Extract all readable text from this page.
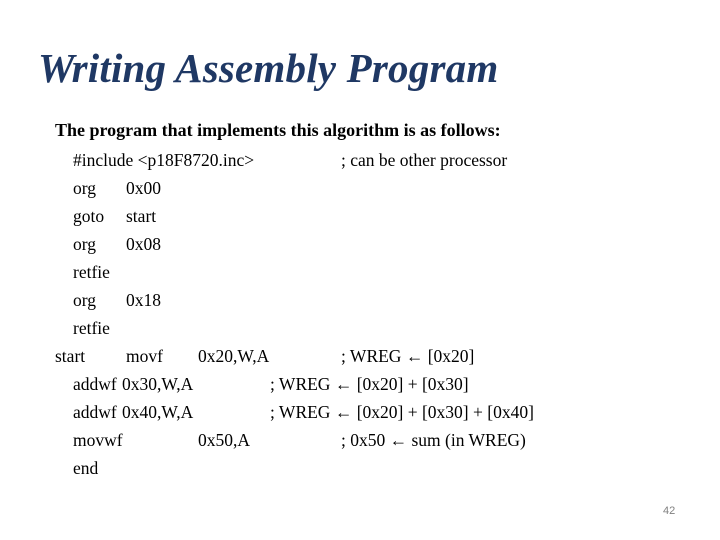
Writing Assembly Program
The program that implements this algorithm is as follows:
#include <p18F8720.inc>	; can be other processor
org 0x00
goto start
org 0x08
retfie
org 0x18
retfie
start movf 0x20,W,A	; WREG ← [0x20]
addwf 0x30,W,A	; WREG ← [0x20] + [0x30]
addwf 0x40,W,A	; WREG ← [0x20] + [0x30] + [0x40]
movwf	0x50,A	; 0x50 ← sum (in WREG)
end
42
